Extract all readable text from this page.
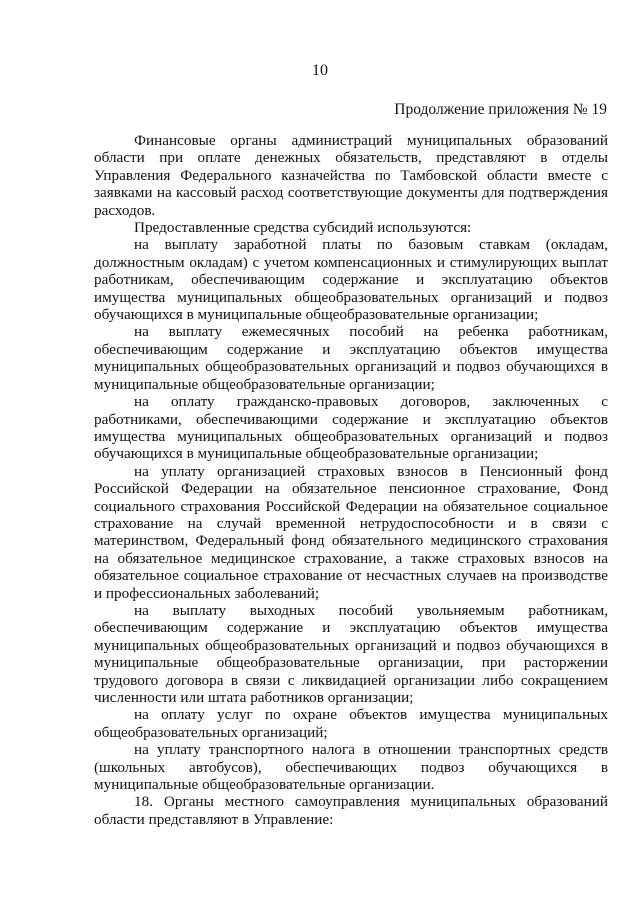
10
Продолжение приложения № 19

Финансовые органы администраций муниципальных образований области при оплате денежных обязательств, представляют в отделы Управления Федерального казначейства по Тамбовской области вместе с заявками на кассовый расход соответствующие документы для подтверждения расходов.

Предоставленные средства субсидий используются:

на выплату заработной платы по базовым ставкам (окладам, должностным окладам) с учетом компенсационных и стимулирующих выплат работникам, обеспечивающим содержание и эксплуатацию объектов имущества муниципальных общеобразовательных организаций и подвоз обучающихся в муниципальные общеобразовательные организации;

на выплату ежемесячных пособий на ребенка работникам, обеспечивающим содержание и эксплуатацию объектов имущества муниципальных общеобразовательных организаций и подвоз обучающихся в муниципальные общеобразовательные организации;

на оплату гражданско-правовых договоров, заключенных с работниками, обеспечивающими содержание и эксплуатацию объектов имущества муниципальных общеобразовательных организаций и подвоз обучающихся в муниципальные общеобразовательные организации;

на уплату организацией страховых взносов в Пенсионный фонд Российской Федерации на обязательное пенсионное страхование, Фонд социального страхования Российской Федерации на обязательное социальное страхование на случай временной нетрудоспособности и в связи с материнством, Федеральный фонд обязательного медицинского страхования на обязательное медицинское страхование, а также страховых взносов на обязательное социальное страхование от несчастных случаев на производстве и профессиональных заболеваний;

на выплату выходных пособий увольняемым работникам, обеспечивающим содержание и эксплуатацию объектов имущества муниципальных общеобразовательных организаций и подвоз обучающихся в муниципальные общеобразовательные организации, при расторжении трудового договора в связи с ликвидацией организации либо сокращением численности или штата работников организации;

на оплату услуг по охране объектов имущества муниципальных общеобразовательных организаций;

на уплату транспортного налога в отношении транспортных средств (школьных автобусов), обеспечивающих подвоз обучающихся в муниципальные общеобразовательные организации.

18. Органы местного самоуправления муниципальных образований области представляют в Управление:
